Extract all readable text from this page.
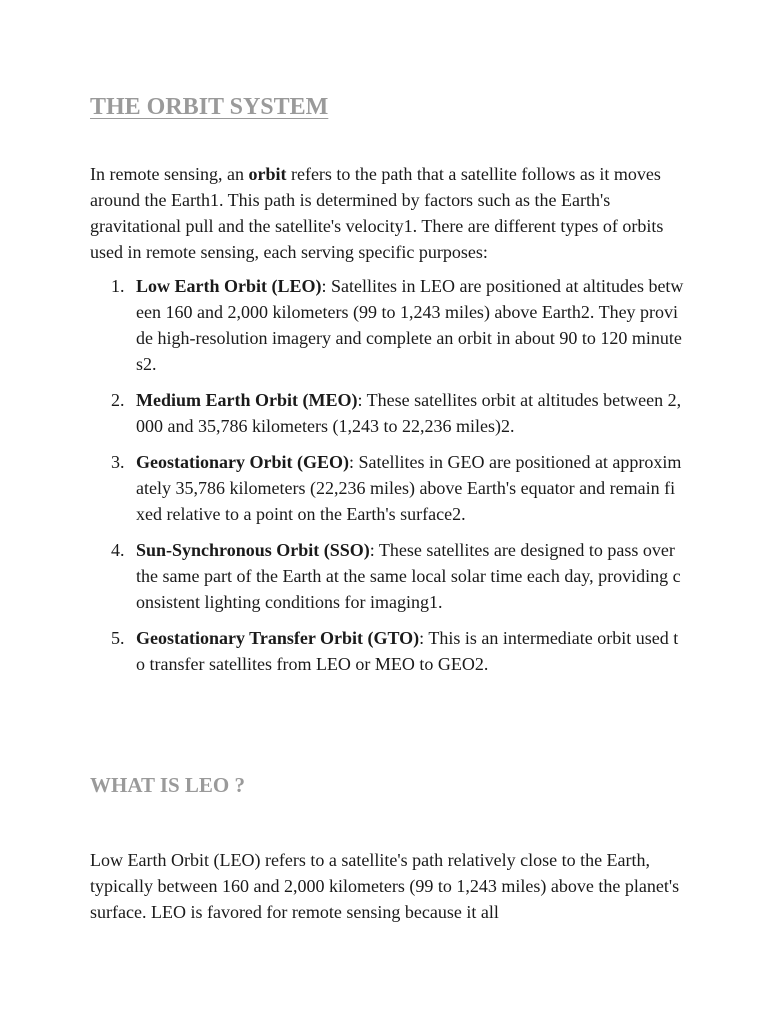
THE ORBIT SYSTEM

In remote sensing, an orbit refers to the path that a satellite follows as it moves around the Earth1. This path is determined by factors such as the Earth's gravitational pull and the satellite's velocity1. There are different types of orbits used in remote sensing, each serving specific purposes:

1. Low Earth Orbit (LEO): Satellites in LEO are positioned at altitudes between 160 and 2,000 kilometers (99 to 1,243 miles) above Earth2. They provide high-resolution imagery and complete an orbit in about 90 to 120 minutes2.
2. Medium Earth Orbit (MEO): These satellites orbit at altitudes between 2,000 and 35,786 kilometers (1,243 to 22,236 miles)2.
3. Geostationary Orbit (GEO): Satellites in GEO are positioned at approximately 35,786 kilometers (22,236 miles) above Earth's equator and remain fixed relative to a point on the Earth's surface2.
4. Sun-Synchronous Orbit (SSO): These satellites are designed to pass over the same part of the Earth at the same local solar time each day, providing consistent lighting conditions for imaging1.
5. Geostationary Transfer Orbit (GTO): This is an intermediate orbit used to transfer satellites from LEO or MEO to GEO2.
WHAT IS LEO ?

Low Earth Orbit (LEO) refers to a satellite's path relatively close to the Earth, typically between 160 and 2,000 kilometers (99 to 1,243 miles) above the planet's surface. LEO is favored for remote sensing because it all
